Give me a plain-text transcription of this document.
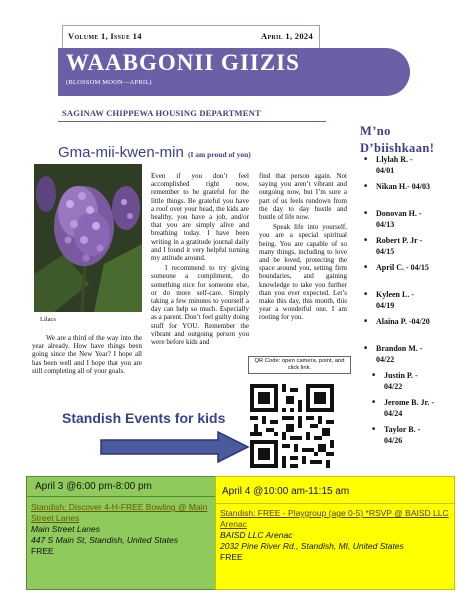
Volume 1, Issue 14	April 1, 2024
WAABGONII GIIZIS
(BLOSSOM MOON—APRIL)
SAGINAW CHIPPEWA HOUSING DEPARTMENT
Gma-mii-kwen-min (I am proud of you)
Lilacs

We are a third of the way into the year already. How have things been going since the New Year? I hope all has been well and I hope that you are still completing all of your goals.

Even if you don’t feel accomplished right now, remember to be grateful for the little things. Be grateful you have a roof over your head, the kids are healthy, you have a job, and/or that you are simply alive and breathing today. I have been writing in a gratitude journal daily and I found it very helpful turning my attitude around.

I recommend to try giving someone a compliment, do something nice for someone else, or do more self-care. Simply taking a few minutes to yourself a day can help so much. Especially as a parent. Don’t feel guilty doing stuff for YOU. Remember the vibrant and outgoing person you were before kids and

find that person again. Not saying you aren’t vibrant and outgoing now, but I’m sure a part of us feels rundown from the day to day hustle and bustle of life now.

Speak life into yourself, you are a special spiritual being. You are capable of so many things, including to love and be loved, protecting the space around you, setting firm boundaries, and gaining knowledge to take you further than you ever expected. Let’s make this day, this month, this year a wonderful one. I am rooting for you.

QR Code: open camera, point, and click link.
M’no
D’biishkaan!
■ Llylah R. -
04/01
■ Nikan H.- 04/03
■ Donovan H. -
04/13
■ Robert P. Jr -
04/15
■ April C. - 04/15
■ Kyleen L. -
04/19
■ Alaina P. -04/20
■ Brandon M. -
04/22
■ Justin P. -
04/22
■ Jerome B. Jr. -
04/24
■ Taylor B. -
04/26
Standish Events for kids
April 3 @6:00 pm-8:00 pm
Standish: Discover 4-H-FREE Bowling @ Main Street Lanes
Main Street Lanes
447 S Main St, Standish, United States
FREE
April 4 @10:00 am-11:15 am
Standish: FREE - Playgroup (age 0-5) *RSVP @ BAISD LLC Arenac
BAISD LLC Arenac
2032 Pine River Rd., Standish, MI, United States
FREE
